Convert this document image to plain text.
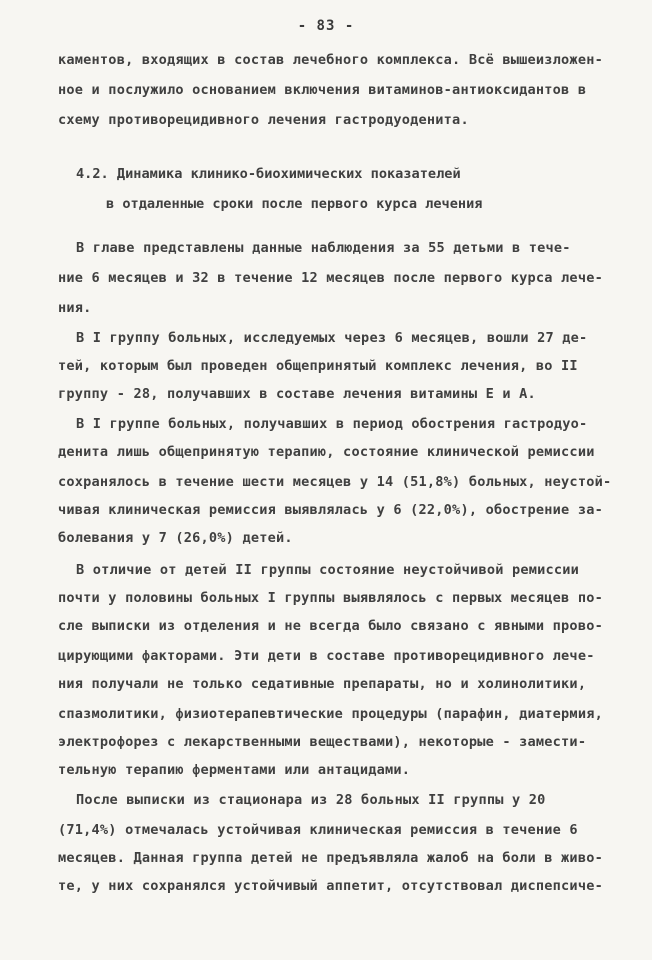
- 83 -
каментов, входящих в состав лечебного комплекса. Всё вышеизложен-
ное и послужило основанием включения витаминов-антиоксидантов в
схему противорецидивного лечения гастродуоденита.
4.2. Динамика клинико-биохимических показателей
в отдаленные сроки после первого курса лечения
В главе представлены данные наблюдения за 55 детьми в тече-
ние 6 месяцев и 32 в течение 12 месяцев после первого курса лече-
ния.
В I группу больных, исследуемых через 6 месяцев, вошли 27 де-
тей, которым был проведен общепринятый комплекс лечения, во II
группу - 28, получавших в составе лечения витамины Е и А.
В I группе больных, получавших в период обострения гастродуо-
денита лишь общепринятую терапию, состояние клинической ремиссии
сохранялось в течение шести месяцев у 14 (51,8%) больных, неустой-
чивая клиническая ремиссия выявлялась у 6 (22,0%), обострение за-
болевания у 7 (26,0%) детей.
В отличие от детей II группы состояние неустойчивой ремиссии
почти у половины больных I группы выявлялось с первых месяцев по-
сле выписки из отделения и не всегда было связано с явными прово-
цирующими факторами. Эти дети в составе противорецидивного лече-
ния получали не только седативные препараты, но и холинолитики,
спазмолитики, физиотерапевтические процедуры (парафин, диатермия,
электрофорез с лекарственными веществами), некоторые - замести-
тельную терапию ферментами или антацидами.
После выписки из стационара из 28 больных II группы у 20
(71,4%) отмечалась устойчивая клиническая ремиссия в течение 6
месяцев. Данная группа детей не предъявляла жалоб на боли в живо-
те, у них сохранялся устойчивый аппетит, отсутствовал диспепсиче-
